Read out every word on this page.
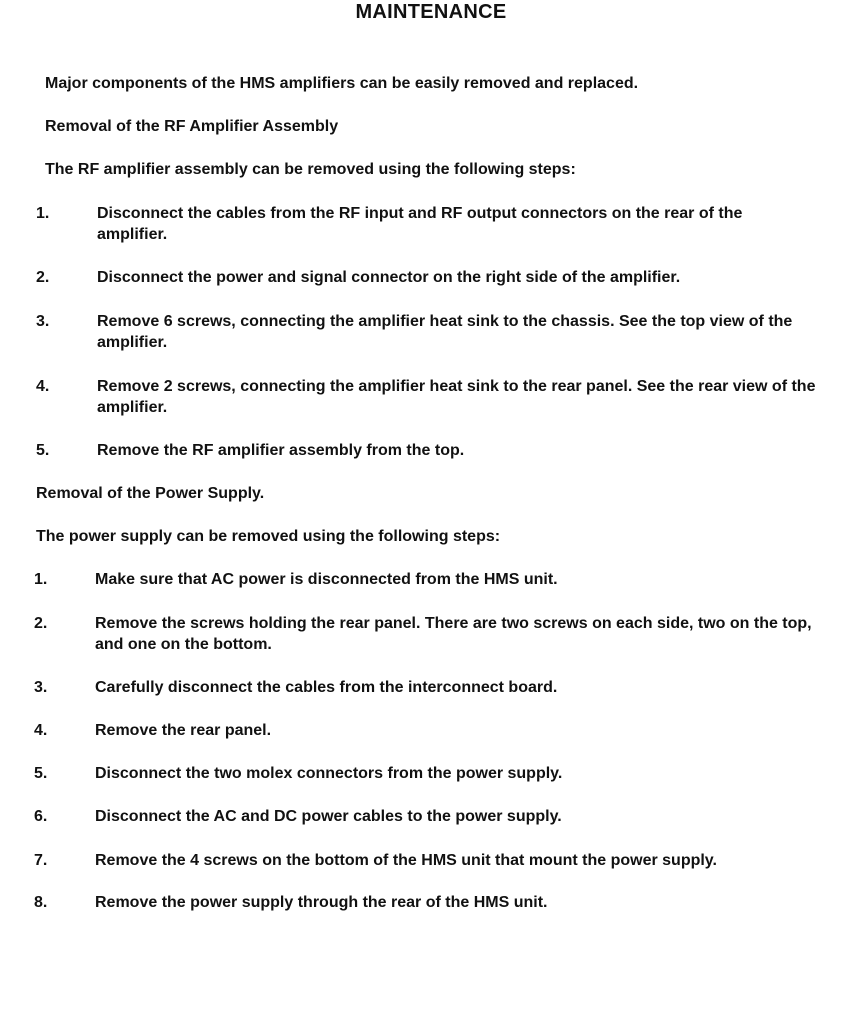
MAINTENANCE
Major components of the HMS amplifiers can be easily removed and replaced.
Removal of the RF Amplifier Assembly
The RF amplifier assembly can be removed using the following steps:
1.	Disconnect the cables from the RF input and RF output connectors on the rear of the amplifier.
2.	Disconnect the power and signal connector on the right side of the amplifier.
3.	Remove 6 screws, connecting the amplifier heat sink to the chassis. See the top view of the amplifier.
4.	Remove 2 screws, connecting the amplifier heat sink to the rear panel. See the rear view of the amplifier.
5.	Remove the RF amplifier assembly from the top.
Removal of the Power Supply.
The power supply can be removed using the following steps:
1.	Make sure that AC power is disconnected from the HMS unit.
2.	Remove the screws holding the rear panel. There are two screws on each side, two on the top, and one on the bottom.
3.	Carefully disconnect the cables from the interconnect board.
4.	Remove the rear panel.
5.	Disconnect the two molex connectors from the power supply.
6.	Disconnect the AC and DC power cables to the power supply.
7.	Remove the 4 screws on the bottom of the HMS unit that mount the power supply.
8.	Remove the power supply through the rear of the HMS unit.
